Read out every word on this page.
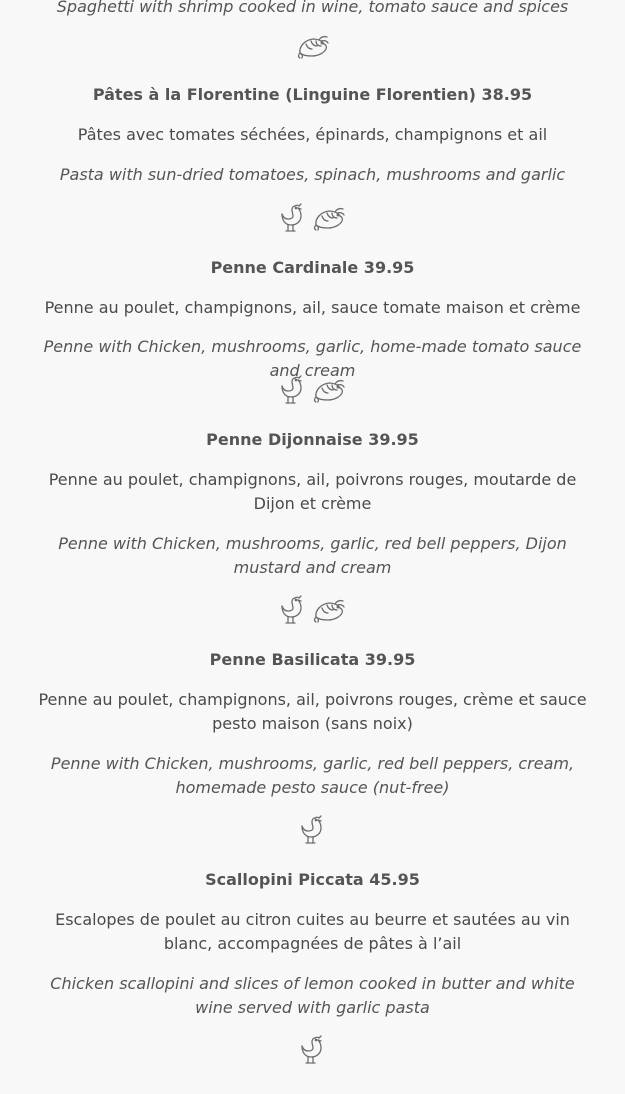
Spaghetti with shrimp cooked in wine, tomato sauce and spices
Pâtes à la Florentine (Linguine Florentien) 38.95
Pâtes avec tomates séchées, épinards, champignons et ail
Pasta with sun-dried tomatoes, spinach, mushrooms and garlic
Penne Cardinale 39.95
Penne au poulet, champignons, ail, sauce tomate maison et crème
Penne with Chicken, mushrooms, garlic, home-made tomato sauce and cream
Penne Dijonnaise 39.95
Penne au poulet, champignons, ail, poivrons rouges, moutarde de Dijon et crème
Penne with Chicken, mushrooms, garlic, red bell peppers, Dijon mustard and cream
Penne Basilicata 39.95
Penne au poulet, champignons, ail, poivrons rouges, crème et sauce pesto maison (sans noix)
Penne with Chicken, mushrooms, garlic, red bell peppers, cream, homemade pesto sauce (nut-free)
Scallopini Piccata 45.95
Escalopes de poulet au citron cuites au beurre et sautées au vin blanc, accompagnées de pâtes à l’ail
Chicken scallopini and slices of lemon cooked in butter and white wine served with garlic pasta
